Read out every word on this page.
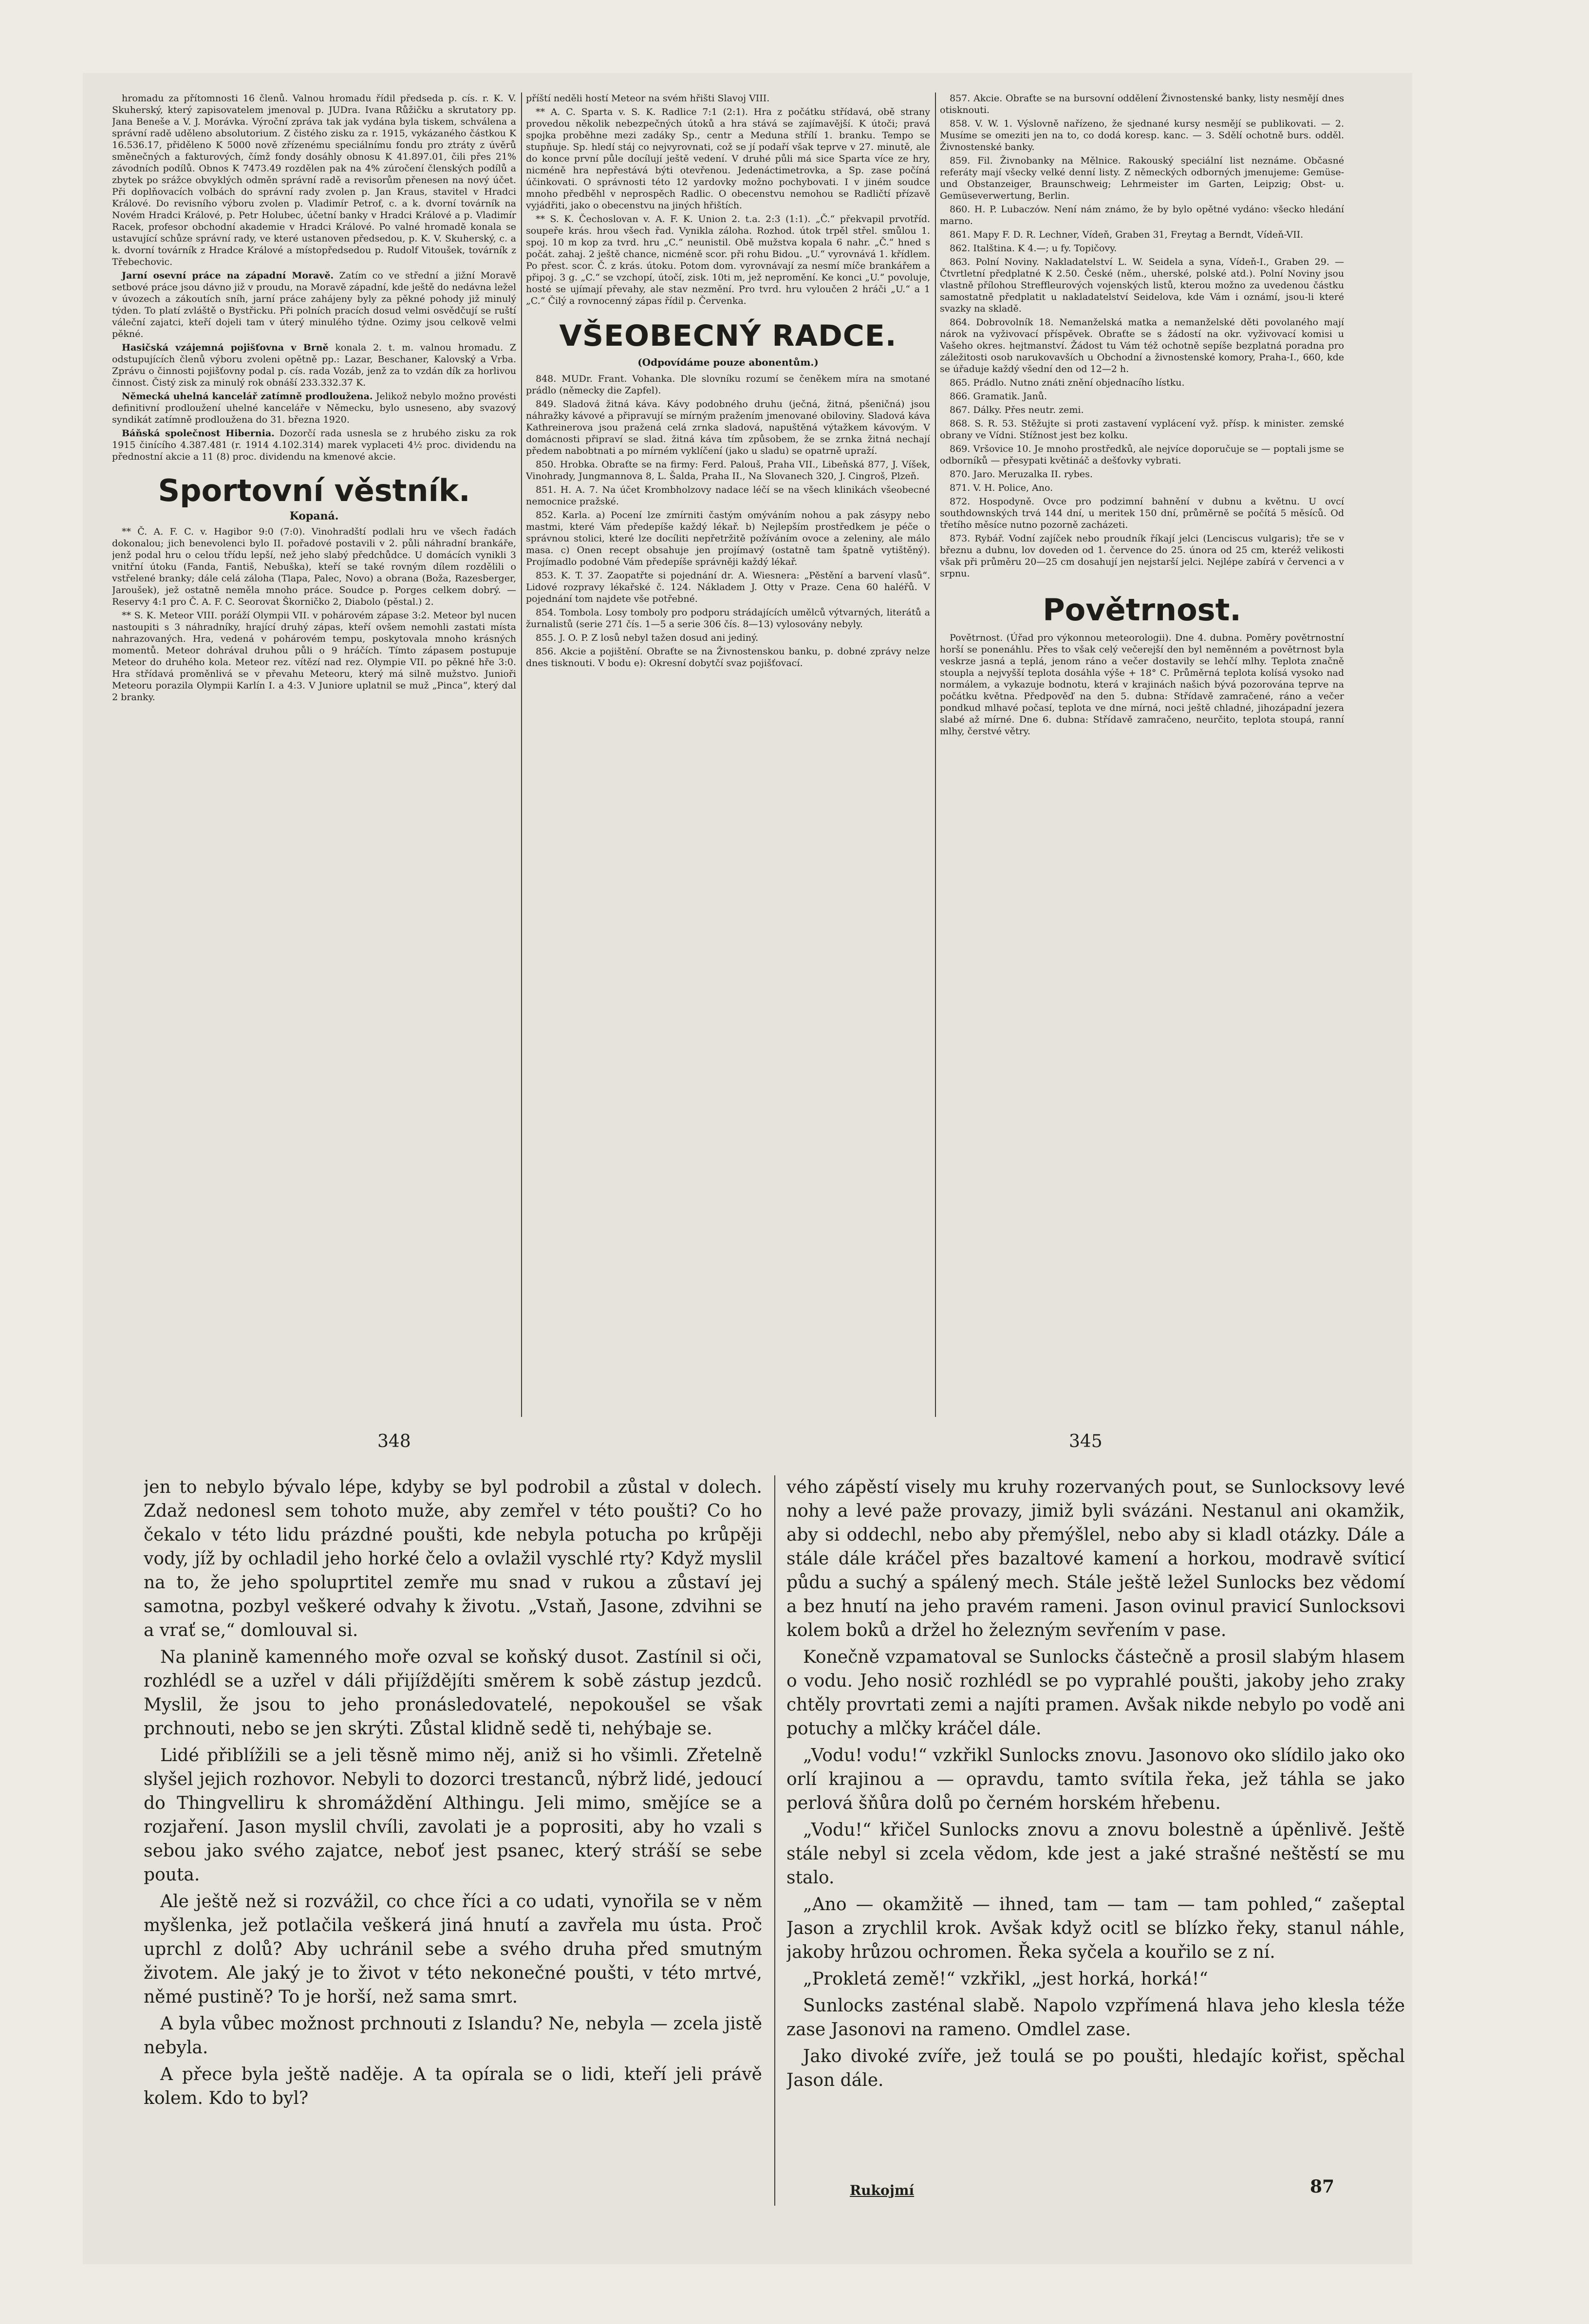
hromadu za přítomnosti 16 členů. Valnou hromadu řídil předseda p. cís. r. K. V. Skuherský, který zapisovatelem jmenoval p. JUDra. Ivana Růžičku a skrutatory pp. Jana Beneše a V. J. Morávka. Výroční zpráva tak jak vydána byla tiskem, schválena a správní radě uděleno absolutorium. Z čistého zisku za r. 1915, vykázaného částkou K 16.536.17, přiděleno K 5000 nově zřízenému speciálnímu fondu pro ztráty z úvěrů směnečných a fakturových, čímž fondy dosáhly obnosu K 41.897.01, čili přes 21% závodních podílů. Obnos K 7473.49 rozdělen pak na 4% zúročení členských podílů a zbytek po srážce obvyklých odměn správní radě a revisorům přenesen na nový účet. Při doplňovacích volbách do správní rady zvolen p. Jan Kraus, stavitel v Hradci Králové. Do revisního výboru zvolen p. Vladimír Petrof, c. a k. dvorní továrník na Novém Hradci Králové, p. Petr Holubec, účetní banky v Hradci Králové a p. Vladimír Racek, profesor obchodní akademie v Hradci Králové. Po valné hromadě konala se ustavující schůze správní rady, ve které ustanoven předsedou, p. K. V. Skuherský, c. a k. dvorní továrník z Hradce Králové a místopředsedou p. Rudolf Vitoušek, továrník z Třebechovic.

Jarní osevní práce na západní Moravě. Zatím co ve střední a jižní Moravě setbové práce jsou dávno již v proudu, na Moravě západní, kde ještě do nedávna ležel v úvozech a zákoutích sníh, jarní práce zahájeny byly za pěkné pohody již minulý týden. To platí zvláště o Bystřicku. Při polních pracích dosud velmi osvědčují se ruští váleční zajatci, kteří dojeli tam v úterý minulého týdne. Ozimy jsou celkově velmi pěkné.

Hasičská vzájemná pojišťovna v Brně konala 2. t. m. valnou hromadu. Z odstupujících členů výboru zvoleni opětně pp.: Lazar, Beschaner, Kalovský a Vrba. Zprávu o činnosti pojišťovny podal p. cís. rada Vozáb, jenž za to vzdán dík za horlivou činnost. Čistý zisk za minulý rok obnáší 233.332.37 K.

Německá uhelná kancelář zatímně prodloužena. Jelikož nebylo možno provésti definitivní prodloužení uhelné kanceláře v Německu, bylo usneseno, aby svazový syndikát zatímně prodloužena do 31. března 1920.

Báňská společnost Hibernia. Dozorčí rada usnesla se z hrubého zisku za rok 1915 činícího 4.387.481 (r. 1914 4.102.314) marek vyplaceti 4½ proc. dividendu na přednostní akcie a 11 (8) proc. dividendu na kmenové akcie.

Sportovní věstník.
Kopaná.

** Č. A. F. C. v. Hagibor 9:0 (7:0). Vinohradští podlali hru ve všech řadách dokonalou; jich benevolenci bylo II. pořadové postavili v 2. půli náhradní brankáře, jenž podal hru o celou třídu lepší, než jeho slabý předchůdce. U domácích vynikli 3 vnitřní útoku (Fanda, Fantiš, Nebuška), kteří se také rovným dílem rozdělili o vstřelené branky; dále celá záloha (Tlapa, Palec, Novo) a obrana (Boža, Razesberger, Jaroušek), jež ostatně neměla mnoho práce. Soudce p. Porges celkem dobrý. — Reservy 4:1 pro Č. A. F. C. Seorovat Škorničko 2, Diabolo (pěstal.) 2.

** S. K. Meteor VIII. poráží Olympii VII. v pohárovém zápase 3:2. Meteor byl nucen nastoupiti s 3 náhradníky, hrající druhý zápas, kteří ovšem nemohli zastati místa nahrazovaných. Hra, vedená v pohárovém tempu, poskytovala mnoho krásných momentů. Meteor dohrával druhou půli o 9 hráčích. Tímto zápasem postupuje Meteor do druhého kola. Meteor rez. vítězí nad rez. Olympie VII. po pěkné hře 3:0. Hra střídavá proměnlivá se v převahu Meteoru, který má silně mužstvo. Junioři Meteoru porazila Olympii Karlín I. a 4:3. V Juniore uplatnil se muž „Pinca“, který dal 2 branky.

příští neděli hostí Meteor na svém hřišti Slavoj VIII.

** A. C. Sparta v. S. K. Radlice 7:1 (2:1). Hra z počátku střídavá, obě strany provedou několik nebezpečných útoků a hra stává se zajímavější. K útoči; pravá spojka proběhne mezi zadáky Sp., centr a Meduna střílí 1. branku. Tempo se stupňuje. Sp. hledí stáj co nejvyrovnati, což se jí podaří však teprve v 27. minutě, ale do konce první půle docílují ještě vedení. V druhé půli má sice Sparta více ze hry, nicméně hra nepřestává býti otevřenou. Jedenáctimetrovka, a Sp. zase počíná účinkovati. O správnosti této 12 yardovky možno pochybovati. I v jiném soudce mnoho předběhl v neprospěch Radlic. O obecenstvu nemohou se Radličtí přízavě vyjádřiti, jako o obecenstvu na jiných hřištích.

** S. K. Čechoslovan v. A. F. K. Union 2. t.a. 2:3 (1:1). „Č.“ překvapil prvotříd. soupeře krás. hrou všech řad. Vynikla záloha. Rozhod. útok trpěl střel. smůlou 1. spoj. 10 m kop za tvrd. hru „C.“ neunistil. Obě mužstva kopala 6 nahr. „Č.“ hned s počát. zahaj. 2 ještě chance, nicméně scor. při rohu Bidou. „U.“ vyrovnává 1. křídlem. Po přest. scor. Č. z krás. útoku. Potom dom. vyrovnávají za nesmí míče brankářem a připoj. 3 g. „C.“ se vzchopí, útočí, zisk. 10ti m, jež nepromění. Ke konci „U.“ povoluje, hosté se ujímají převahy, ale stav nezmění. Pro tvrd. hru vyloučen 2 hráči „U.“ a 1 „C.“ Čilý a rovnocenný zápas řídil p. Červenka.

VŠEOBECNÝ RADCE.
(Odpovídáme pouze abonentům.)

848. MUDr. Frant. Vohanka. Dle slovníku rozumí se čeněkem míra na smotané prádlo (německy die Zapfel).

849. Sladová žitná káva. Kávy podobného druhu (ječná, žitná, pšeničná) jsou náhražky kávové a připravují se mírným pražením jmenované obiloviny. Sladová káva Kathreinerova jsou pražená celá zrnka sladová, napuštěná výtažkem kávovým. V domácnosti připraví se slad. žitná káva tím způsobem, že se zrnka žitná nechají předem nabobtnati a po mírném vyklíčení (jako u sladu) se opatrně upraží.

850. Hrobka. Obraťte se na firmy: Ferd. Palouš, Praha VII., Libeňská 877, J. Víšek, Vinohrady, Jungmannova 8, L. Šalda, Praha II., Na Slovanech 320, J. Cingroš, Plzeň.

851. H. A. 7. Na účet Krombholzovy nadace léčí se na všech klinikách všeobecné nemocnice pražské.

852. Karla. a) Pocení lze zmírniti častým omýváním nohou a pak zásypy nebo mastmi, které Vám předepíše každý lékař. b) Nejlepším prostředkem je péče o správnou stolici, které lze docíliti nepřetržitě požíváním ovoce a zeleniny, ale málo masa. c) Onen recept obsahuje jen projímavý (ostatně tam špatně vytištěný). Projímadlo podobné Vám předepíše správněji každý lékař.

853. K. T. 37. Zaopatřte si pojednání dr. A. Wiesnera: „Pěstění a barvení vlasů“. Lidové rozpravy lékařské č. 124. Nákladem J. Otty v Praze. Cena 60 haléřů. V pojednání tom najdete vše potřebné.

854. Tombola. Losy tomboly pro podporu strádajících umělců výtvarných, literátů a žurnalistů (serie 271 čís. 1—5 a serie 306 čís. 8—13) vylosovány nebyly.

855. J. O. P. Z losů nebyl tažen dosud ani jediný.

856. Akcie a pojištění. Obraťte se na Živnostenskou banku, p. dobné zprávy nelze dnes tisknouti. V bodu e): Okresní dobytčí svaz pojišťovací.

857. Akcie. Obraťte se na bursovní oddělení Živnostenské banky, listy nesmějí dnes otisknouti.

858. V. W. 1. Výslovně nařízeno, že sjednané kursy nesmějí se publikovati. — 2. Musíme se omeziti jen na to, co dodá koresp. kanc. — 3. Sdělí ochotně burs. odděl. Živnostenské banky.

859. Fil. Živnobanky na Mělnice. Rakouský speciální list neznáme. Občasné referáty mají všecky velké denní listy. Z německých odborných jmenujeme: Gemüse- und Obstanzeiger, Braunschweig; Lehrmeister im Garten, Leipzig; Obst- u. Gemüseverwertung, Berlin.

860. H. P. Lubaczów. Není nám známo, že by bylo opětné vydáno: všecko hledání marno.

861. Mapy F. D. R. Lechner, Vídeň, Graben 31, Freytag a Berndt, Vídeň-VII.

862. Italština. K 4.—; u fy. Topičovy.

863. Polní Noviny. Nakladatelství L. W. Seidela a syna, Vídeň-I., Graben 29. — Čtvrtletní předplatné K 2.50. České (něm., uherské, polské atd.). Polní Noviny jsou vlastně přílohou Streffleurových vojenských listů, kterou možno za uvedenou částku samostatně předplatit u nakladatelství Seidelova, kde Vám i oznámí, jsou-li které svazky na skladě.

864. Dobrovolník 18. Nemanželská matka a nemanželské děti povolaného mají nárok na vyživovací příspěvek. Obraťte se s žádostí na okr. vyživovací komisi u Vašeho okres. hejtmanství. Žádost tu Vám též ochotně sepíše bezplatná poradna pro záležitosti osob narukovavších u Obchodní a živnostenské komory, Praha-I., 660, kde se úřaduje každý všední den od 12—2 h.

865. Prádlo. Nutno znáti znění objednacího lístku.

866. Gramatik. Janů.

867. Dálky. Přes neutr. zemi.

868. S. R. 53. Stěžujte si proti zastavení vyplácení vyž. přísp. k minister. zemské obrany ve Vídni. Stížnost jest bez kolku.

869. Vršovice 10. Je mnoho prostředků, ale nejvíce doporučuje se — poptali jsme se odborníků — přesypati květináč a dešťovky vybrati.

870. Jaro. Meruzalka II. rybes.

871. V. H. Police, Ano.

872. Hospodyně. Ovce pro podzimní bahnění v dubnu a květnu. U ovcí southdownských trvá 144 dní, u meritek 150 dní, průměrně se počítá 5 měsíců. Od třetího měsíce nutno pozorně zacházeti.

873. Rybář. Vodní zajíček nebo proudník říkají jelci (Lenciscus vulgaris); tře se v březnu a dubnu, lov doveden od 1. července do 25. února od 25 cm, kteréž velikosti však při průměru 20—25 cm dosahují jen nejstarší jelci. Nejlépe zabírá v červenci a v srpnu.

Povětrnost.

Povětrnost. (Úřad pro výkonnou meteorologii). Dne 4. dubna. Poměry povětrnostní horší se ponenáhlu. Přes to však celý večerejší den byl neměnném a povětrnost byla veskrze jasná a teplá, jenom ráno a večer dostavily se lehčí mlhy. Teplota značně stoupla a nejvyšší teplota dosáhla výše + 18° C. Průměrná teplota kolísá vysoko nad normálem, a vykazuje bodnotu, která v krajinách našich bývá pozorována teprve na počátku května. Předpověď na den 5. dubna: Střídavě zamračené, ráno a večer pondkud mlhavé počasí, teplota ve dne mírná, noci ještě chladné, jihozápadní jezera slabé až mírné. Dne 6. dubna: Střídavě zamračeno, neurčito, teplota stoupá, ranní mlhy, čerstvé větry.

348	345

jen to nebylo bývalo lépe, kdyby se byl podrobil a zůstal v dolech. Zdaž nedonesl sem tohoto muže, aby zemřel v této poušti? Co ho čekalo v této lidu prázdné poušti, kde nebyla potucha po krůpěji vody, jíž by ochladil jeho horké čelo a ovlažil vyschlé rty? Když myslil na to, že jeho spoluprtitel zemře mu snad v rukou a zůstaví jej samotna, pozbyl veškeré odvahy k životu. „Vstaň, Jasone, zdvihni se a vrať se,“ domlouval si.

Na planině kamenného moře ozval se koňský dusot. Zastínil si oči, rozhlédl se a uzřel v dáli přijíždějíti směrem k sobě zástup jezdců. Myslil, že jsou to jeho pronásledovatelé, nepokoušel se však prchnouti, nebo se jen skrýti. Zůstal klidně sedě ti, nehýbaje se.

Lidé přiblížili se a jeli těsně mimo něj, aniž si ho všimli. Zřetelně slyšel jejich rozhovor. Nebyli to dozorci trestanců, nýbrž lidé, jedoucí do Thingvelliru k shromáždění Althingu. Jeli mimo, smějíce se a rozjaření. Jason myslil chvíli, zavolati je a poprositi, aby ho vzali s sebou jako svého zajatce, neboť jest psanec, který stráší se sebe pouta.

Ale ještě než si rozvážil, co chce říci a co udati, vynořila se v něm myšlenka, jež potlačila veškerá jiná hnutí a zavřela mu ústa. Proč uprchl z dolů? Aby uchránil sebe a svého druha před smutným životem. Ale jaký je to život v této nekonečné poušti, v této mrtvé, němé pustině? To je horší, než sama smrt.

A byla vůbec možnost prchnouti z Islandu? Ne, nebyla — zcela jistě nebyla.

A přece byla ještě naděje. A ta opírala se o lidi, kteří jeli právě kolem. Kdo to byl?

vého zápěstí visely mu kruhy rozervaných pout, se Sunlocksovy levé nohy a levé paže provazy, jimiž byli svázáni. Nestanul ani okamžik, aby si oddechl, nebo aby přemýšlel, nebo aby si kladl otázky. Dále a stále dále kráčel přes bazaltové kamení a horkou, modravě svíticí půdu a suchý a spálený mech. Stále ještě ležel Sunlocks bez vědomí a bez hnutí na jeho pravém rameni. Jason ovinul pravicí Sunlocksovi kolem boků a držel ho železným sevřením v pase.

Konečně vzpamatoval se Sunlocks částečně a prosil slabým hlasem o vodu. Jeho nosič rozhlédl se po vyprahlé poušti, jakoby jeho zraky chtěly provrtati zemi a najíti pramen. Avšak nikde nebylo po vodě ani potuchy a mlčky kráčel dále.

„Vodu! vodu!“ vzkřikl Sunlocks znovu. Jasonovo oko slídilo jako oko orlí krajinou a — opravdu, tamto svítila řeka, jež táhla se jako perlová šňůra dolů po černém horském hřebenu.

„Vodu!“ křičel Sunlocks znovu a znovu bolestně a úpěnlivě. Ještě stále nebyl si zcela vědom, kde jest a jaké strašné neštěstí se mu stalo.

„Ano — okamžitě — ihned, tam — tam — tam pohled,“ zašeptal Jason a zrychlil krok. Avšak když ocitl se blízko řeky, stanul náhle, jakoby hrůzou ochromen. Řeka syčela a kouřilo se z ní.

„Prokletá země!“ vzkřikl, „jest horká, horká!“

Sunlocks zasténal slabě. Napolo vzpřímená hlava jeho klesla téže zase Jasonovi na rameno. Omdlel zase.

Jako divoké zvíře, jež toulá se po poušti, hledajíc kořist, spěchal Jason dále.

Rukojmí	87
